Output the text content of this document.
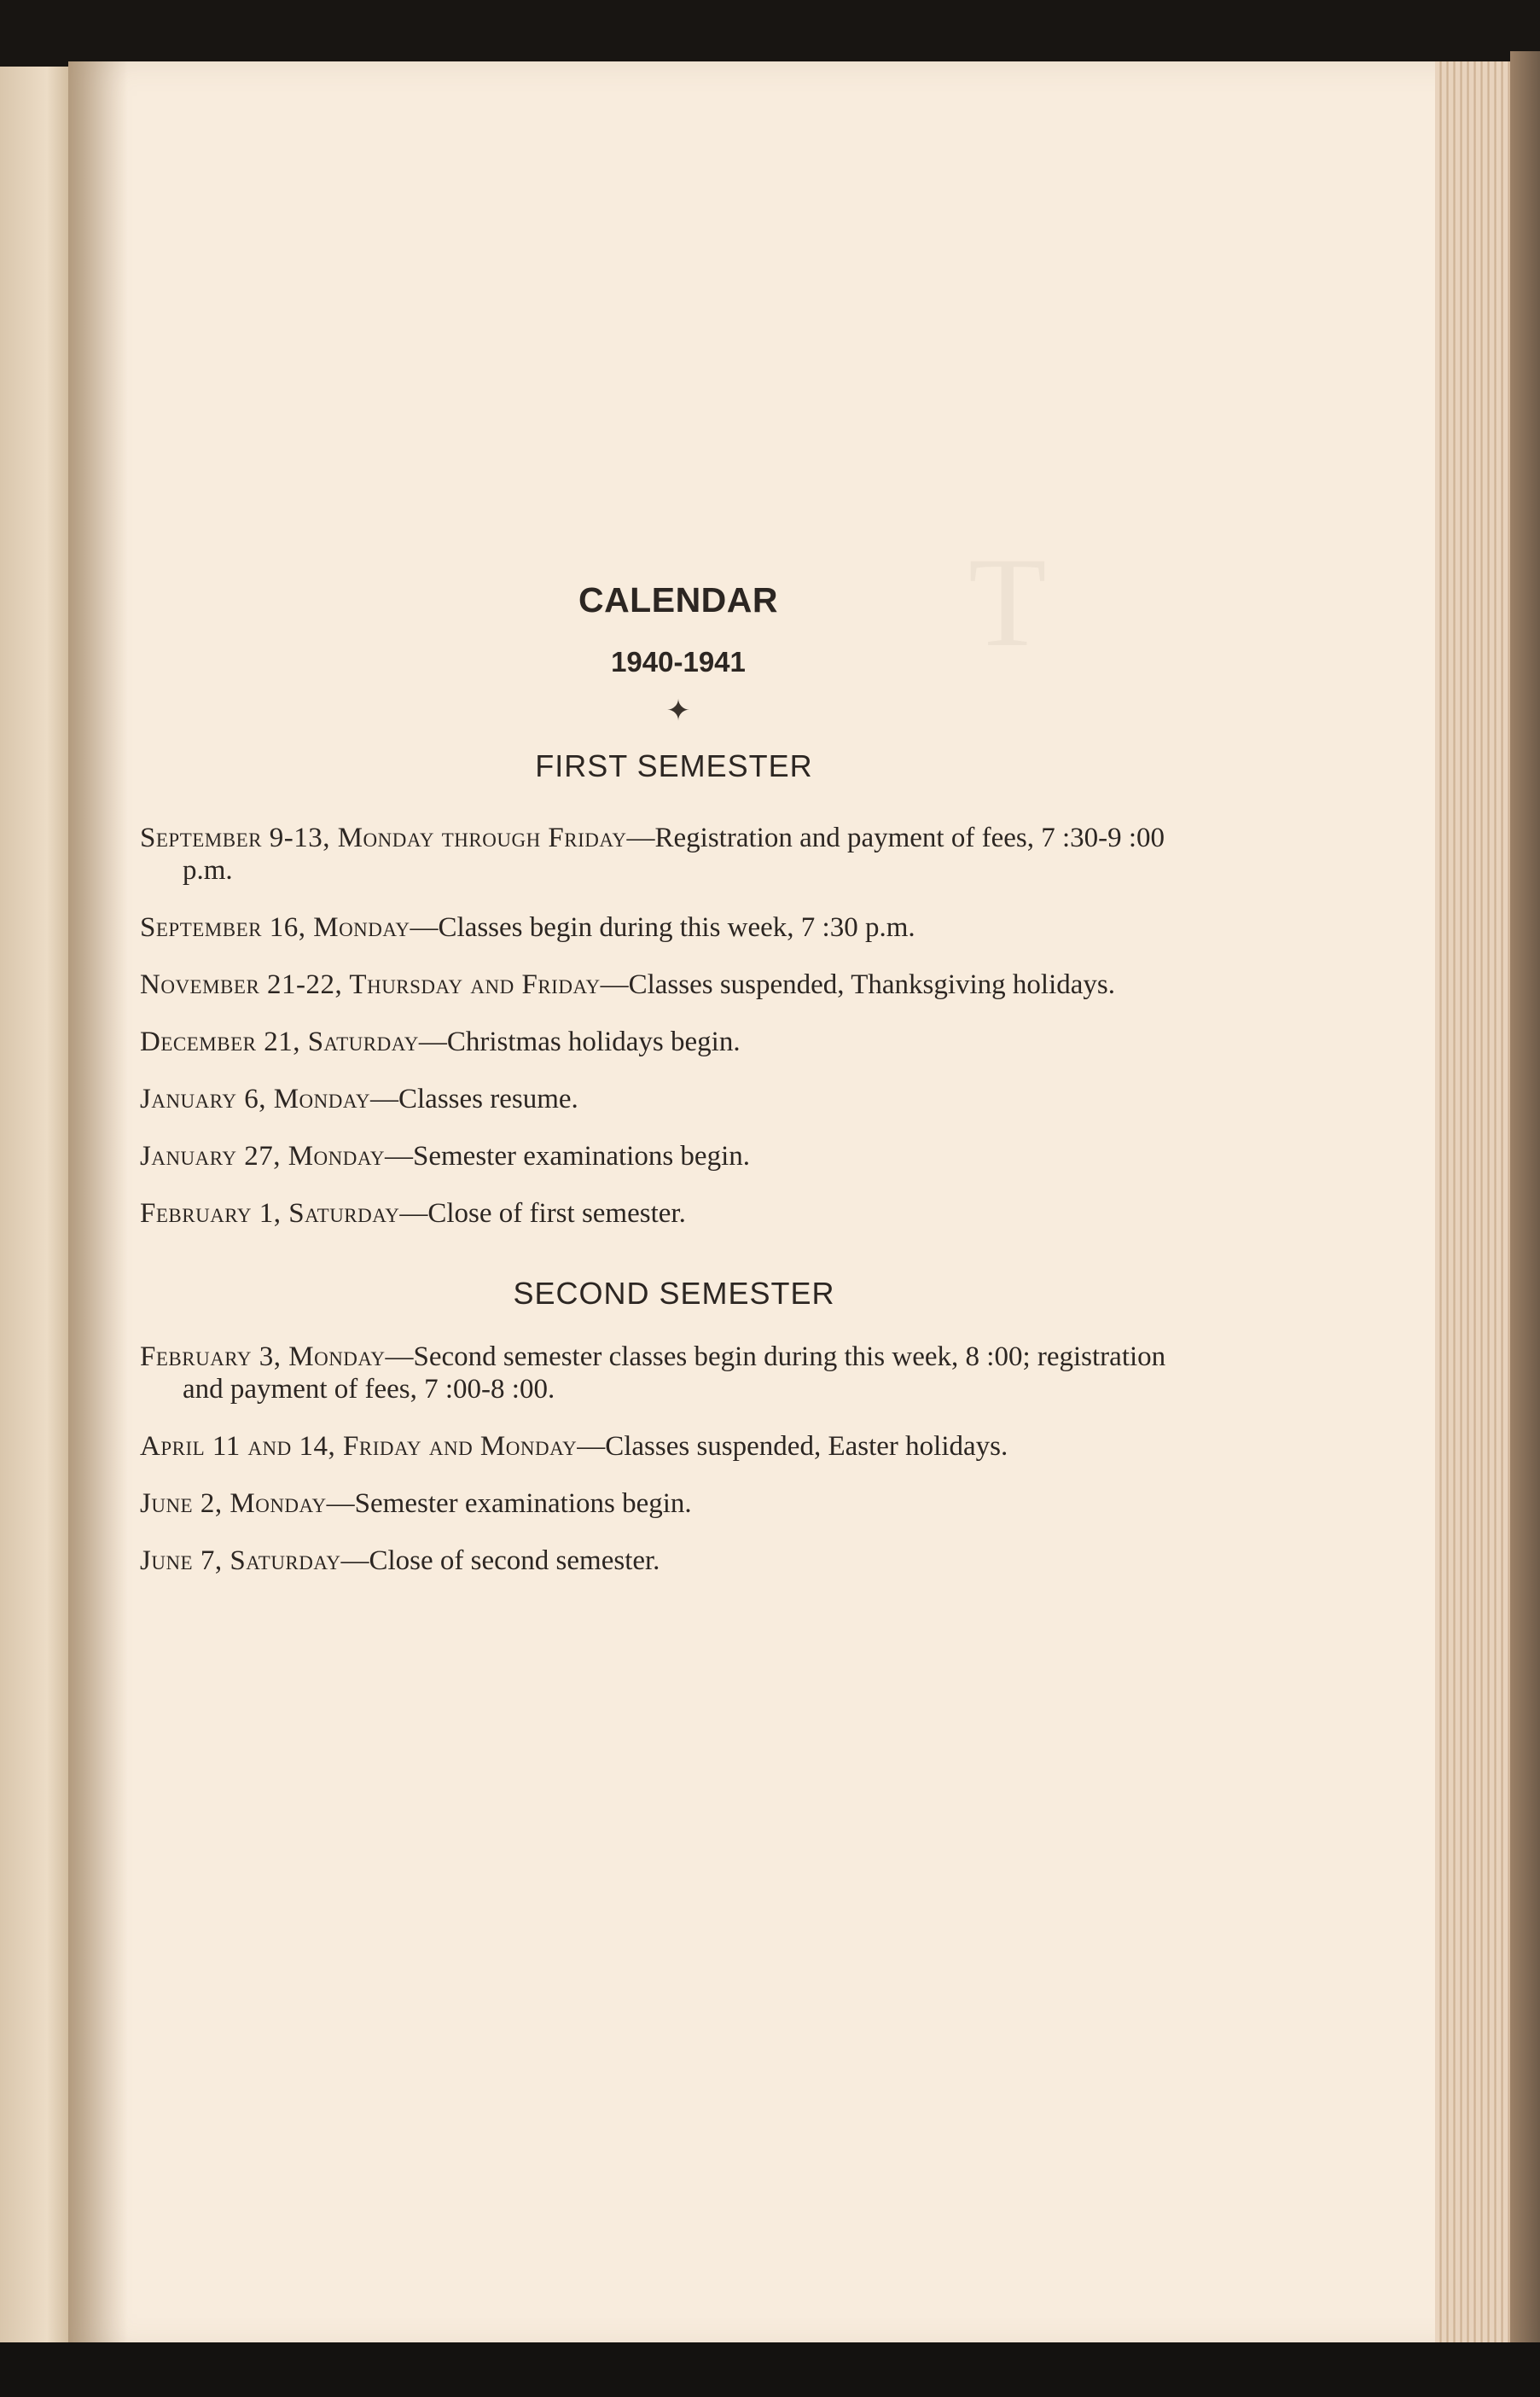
T
CALENDAR
1940-1941
✦
FIRST SEMESTER
September 9-13, Monday through Friday—Registration and payment of fees, 7 :30-9 :00 p.m.
September 16, Monday—Classes begin during this week, 7 :30 p.m.
November 21-22, Thursday and Friday—Classes suspended, Thanksgiving holidays.
December 21, Saturday—Christmas holidays begin.
January 6, Monday—Classes resume.
January 27, Monday—Semester examinations begin.
February 1, Saturday—Close of first semester.
SECOND SEMESTER
February 3, Monday—Second semester classes begin during this week, 8 :00; registration and payment of fees, 7 :00-8 :00.
April 11 and 14, Friday and Monday—Classes suspended, Easter holidays.
June 2, Monday—Semester examinations begin.
June 7, Saturday—Close of second semester.
